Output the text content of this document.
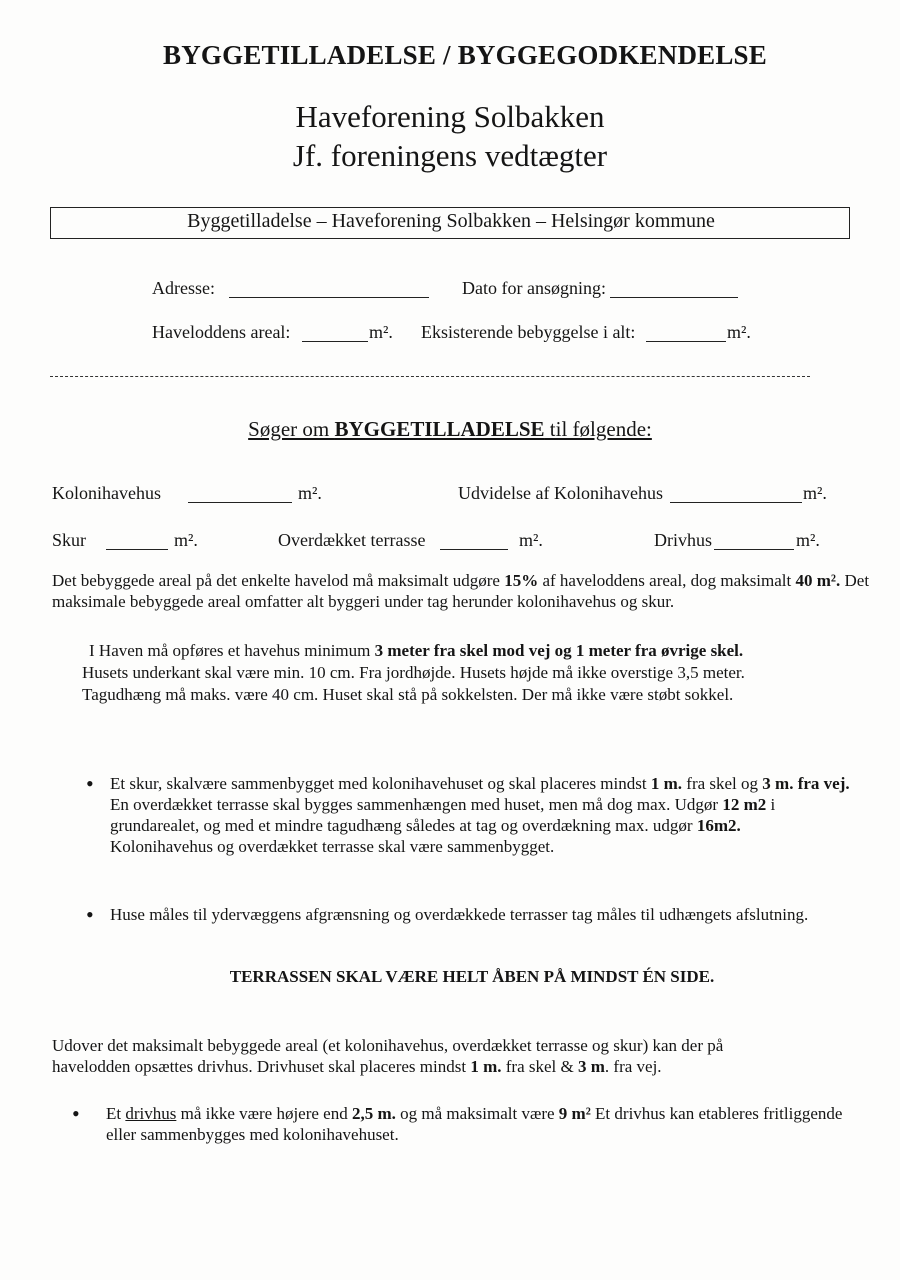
BYGGETILLADELSE / BYGGEGODKENDELSE
Haveforening Solbakken
Jf. foreningens vedtægter
Byggetilladelse – Haveforening Solbakken – Helsingør kommune
Adresse:	Dato for ansøgning:
Haveloddens areal:	m². Eksisterende bebyggelse i alt:	m².
Søger om BYGGETILLADELSE til følgende:
Kolonihavehus	m².	Udvidelse af Kolonihavehus	m².
Skur	m².	Overdækket terrasse	m².	Drivhus	m².
Det bebyggede areal på det enkelte havelod må maksimalt udgøre 15% af haveloddens areal, dog maksimalt 40 m². Det maksimale bebyggede areal omfatter alt byggeri under tag herunder kolonihavehus og skur.
I Haven må opføres et havehus minimum 3 meter fra skel mod vej og 1 meter fra øvrige skel.
Husets underkant skal være min. 10 cm. Fra jordhøjde. Husets højde må ikke overstige 3,5 meter.
Tagudhæng må maks. være 40 cm. Huset skal stå på sokkelsten. Der må ikke være støbt sokkel.
• Et skur, skalvære sammenbygget med kolonihavehuset og skal placeres mindst 1 m. fra skel og 3 m. fra vej.
En overdækket terrasse skal bygges sammenhængen med huset, men må dog max. Udgør 12 m2 i grundarealet, og med et mindre tagudhæng således at tag og overdækning max. udgør 16m2.
Kolonihavehus og overdækket terrasse skal være sammenbygget.
• Huse måles til ydervæggens afgrænsning og overdækkede terrasser tag måles til udhængets afslutning.
TERRASSEN SKAL VÆRE HELT ÅBEN PÅ MINDST ÉN SIDE.
Udover det maksimalt bebyggede areal (et kolonihavehus, overdækket terrasse og skur) kan der på havelodden opsættes drivhus. Drivhuset skal placeres mindst 1 m. fra skel & 3 m. fra vej.
• Et drivhus må ikke være højere end 2,5 m. og må maksimalt være 9 m² Et drivhus kan etableres fritliggende eller sammenbygges med kolonihavehuset.
